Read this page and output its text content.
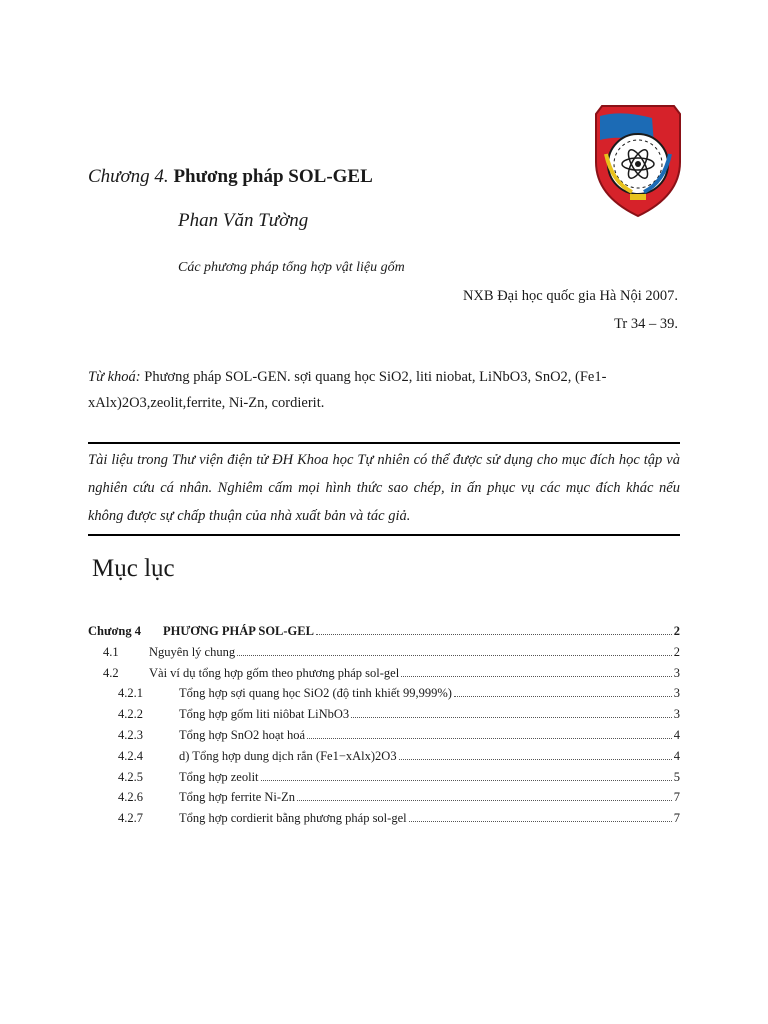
Chương 4. Phương pháp SOL-GEL
Phan Văn Tường
Các phương pháp tổng hợp vật liệu gốm
NXB Đại học quốc gia Hà Nội 2007.
Tr 34 – 39.
Từ khoá: Phương pháp SOL-GEN. sợi quang học SiO2, liti niobat, LiNbO3, SnO2, (Fe1-xAlx)2O3,zeolit,ferrite, Ni-Zn, cordierit.
Tài liệu trong Thư viện điện tử ĐH Khoa học Tự nhiên có thể được sử dụng cho mục đích học tập và nghiên cứu cá nhân. Nghiêm cấm mọi hình thức sao chép, in ấn phục vụ các mục đích khác nếu không được sự chấp thuận của nhà xuất bản và tác giả.
Mục lục
Chương 4	PHƯƠNG PHÁP SOL-GEL	2
4.1	Nguyên lý chung	2
4.2	Vài ví dụ tổng hợp gốm theo phương pháp sol-gel	3
4.2.1	Tổng hợp sợi quang học SiO2 (độ tinh khiết 99,999%)	3
4.2.2	Tổng hợp gốm liti niôbat LiNbO3	3
4.2.3	Tổng hợp SnO2 hoạt hoá	4
4.2.4	d) Tổng hợp dung dịch rắn (Fe1−xAlx)2O3	4
4.2.5	Tổng hợp zeolit	5
4.2.6	Tổng hợp ferrite Ni-Zn	7
4.2.7	Tổng hợp cordierit bằng phương pháp sol-gel	7
